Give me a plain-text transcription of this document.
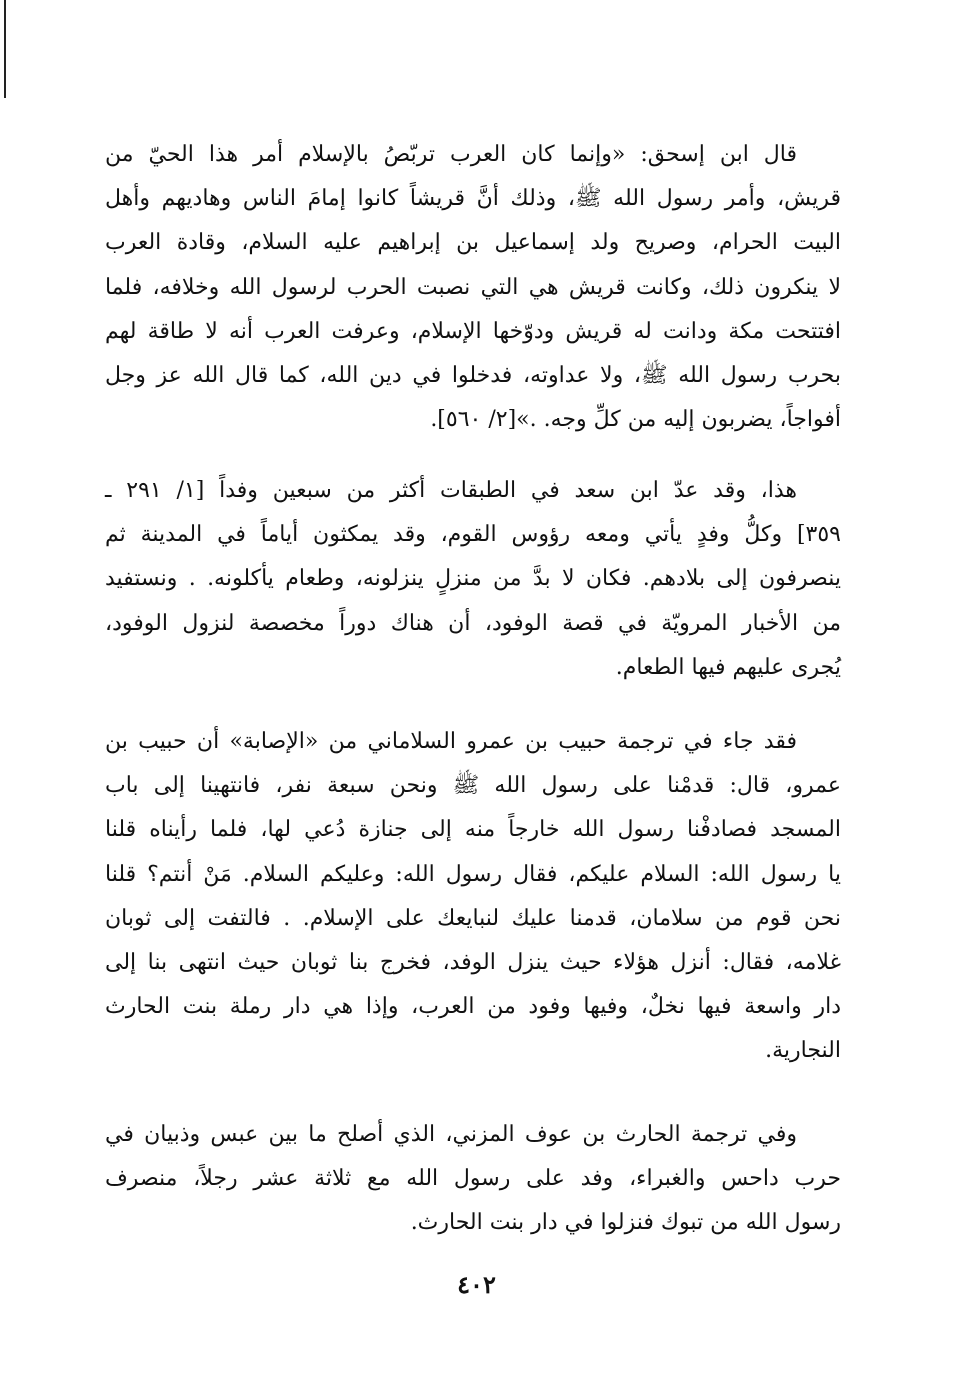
قال ابن إسحق: «وإنما كان العرب تربّصُ بالإسلام أمر هذا الحيّ من
قريش، وأمر رسول الله ﷺ، وذلك أنَّ قريشاً كانوا إمامَ الناس وهاديهم وأهل
البيت الحرام، وصريح ولد إسماعيل بن إبراهيم عليه السلام، وقادة العرب
لا ينكرون ذلك، وكانت قريش هي التي نصبت الحرب لرسول الله وخلافه، فلما
افتتحت مكة ودانت له قريش ودوّخها الإسلام، وعرفت العرب أنه لا طاقة لهم
بحرب رسول الله ﷺ، ولا عداوته، فدخلوا في دين الله، كما قال الله عز وجل
أفواجاً، يضربون إليه من كلِّ وجه. .»[٢/ ٥٦٠].
هذا، وقد عدّ ابن سعد في الطبقات أكثر من سبعين وفداً [١/ ٢٩١ ـ
٣٥٩] وكلُّ وفدٍ يأتي ومعه رؤوس القوم، وقد يمكثون أياماً في المدينة ثم
ينصرفون إلى بلادهم. فكان لا بدَّ من منزلٍ ينزلونه، وطعام يأكلونه. . ونستفيد
من الأخبار المرويّة في قصة الوفود، أن هناك دوراً مخصصة لنزول الوفود،
يُجرى عليهم فيها الطعام.
فقد جاء في ترجمة حبيب بن عمرو السلاماني من «الإصابة» أن حبيب بن
عمرو، قال: قدمْنا على رسول الله ﷺ ونحن سبعة نفر، فانتهينا إلى باب
المسجد فصادفْنا رسول الله خارجاً منه إلى جنازة دُعي لها، فلما رأيناه قلنا
يا رسول الله: السلام عليكم، فقال رسول الله: وعليكم السلام. مَنْ أنتم؟ قلنا
نحن قوم من سلامان، قدمنا عليك لنبايعك على الإسلام. . فالتفت إلى ثوبان
غلامه، فقال: أنزل هؤلاء حيث ينزل الوفد، فخرج بنا ثوبان حيث انتهى بنا إلى
دار واسعة فيها نخلٌ، وفيها وفود من العرب، وإذا هي دار رملة بنت الحارث
النجارية.
وفي ترجمة الحارث بن عوف المزني، الذي أصلح ما بين عبس وذبيان في
حرب داحس والغبراء، وفد على رسول الله مع ثلاثة عشر رجلاً، منصرف
رسول الله من تبوك فنزلوا في دار بنت الحارث.
٤٠٢
